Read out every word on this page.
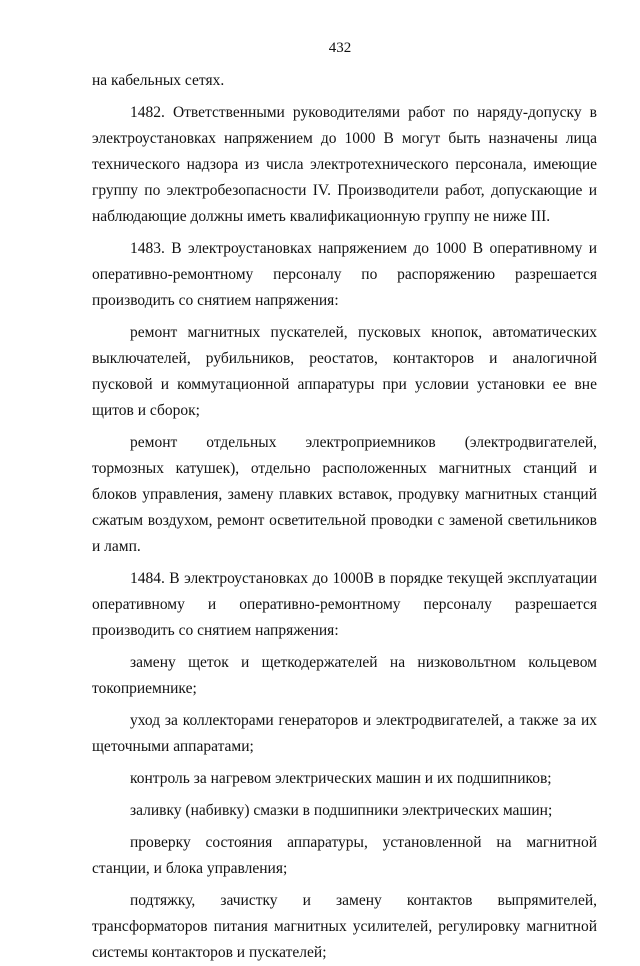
432

на кабельных сетях.

1482. Ответственными руководителями работ по наряду-допуску в электроустановках напряжением до 1000 В могут быть назначены лица технического надзора из числа электротехнического персонала, имеющие группу по электробезопасности IV. Производители работ, допускающие и наблюдающие должны иметь квалификационную группу не ниже III.

1483. В электроустановках напряжением до 1000 В оперативному и оперативно-ремонтному персоналу по распоряжению разрешается производить со снятием напряжения:

ремонт магнитных пускателей, пусковых кнопок, автоматических выключателей, рубильников, реостатов, контакторов и аналогичной пусковой и коммутационной аппаратуры при условии установки ее вне щитов и сборок;

ремонт отдельных электроприемников (электродвигателей, тормозных катушек), отдельно расположенных магнитных станций и блоков управления, замену плавких вставок, продувку магнитных станций сжатым воздухом, ремонт осветительной проводки с заменой светильников и ламп.

1484. В электроустановках до 1000В в порядке текущей эксплуатации оперативному и оперативно-ремонтному персоналу разрешается производить со снятием напряжения:

замену щеток и щеткодержателей на низковольтном кольцевом токоприемнике;

уход за коллекторами генераторов и электродвигателей, а также за их щеточными аппаратами;

контроль за нагревом электрических машин и их подшипников;

заливку (набивку) смазки в подшипники электрических машин;

проверку состояния аппаратуры, установленной на магнитной станции, и блока управления;

подтяжку, зачистку и замену контактов выпрямителей, трансформаторов питания магнитных усилителей, регулировку магнитной системы контакторов и пускателей;
